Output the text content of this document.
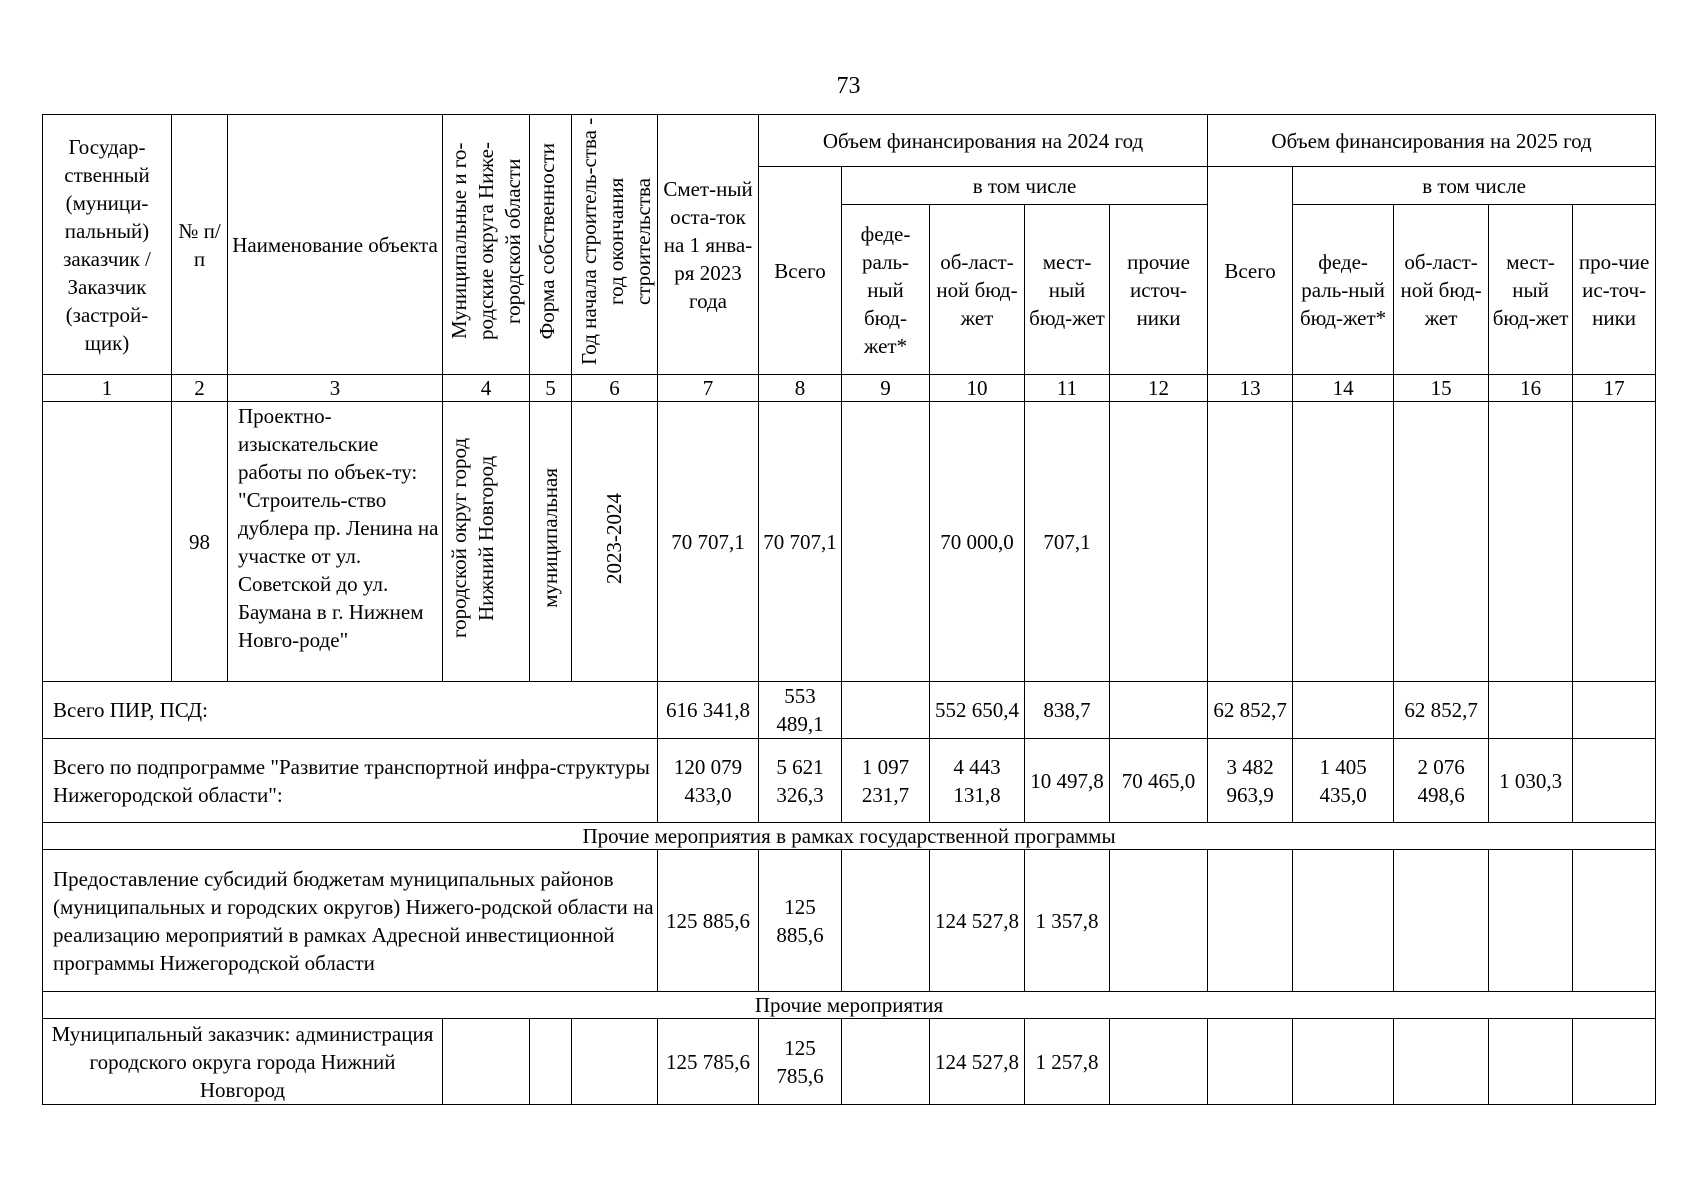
73
Государ-ственный (муници-пальный) заказчик / Заказчик (застрой-щик)	№ п/п	Наименование объекта	Муниципальные и го-родские округа Ниже-городской области	Форма собственности	Год начала строитель-ства - год окончания строительства	Смет-ный оста-ток на 1 янва-ря 2023 года	Объем финансирования на 2024 год					Объем финансирования на 2025 год				
							Всего	в том числе				Всего	в том числе			
								феде-раль-ный бюд-жет*	об-ласт-ной бюд-жет	мест-ный бюд-жет	прочие источ-ники		феде-раль-ный бюд-жет*	об-ласт-ной бюд-жет	мест-ный бюд-жет	про-чие ис-точ-ники
1	2	3	4	5	6	7	8	9	10	11	12	13	14	15	16	17
	98	Проектно-изыскательские работы по объек-ту: "Строитель-ство дублера пр. Ленина на участке от ул. Советской до ул. Баумана в г. Нижнем Новго-роде"	городской округ город Нижний Новгород	муниципальная	2023-2024	70 707,1	70 707,1		70 000,0	707,1						
Всего ПИР, ПСД:						616 341,8	553 489,1		552 650,4	838,7		62 852,7		62 852,7		
Всего по подпрограмме "Развитие транспортной инфра-структуры Нижегородской области":						120 079 433,0	5 621 326,3	1 097 231,7	4 443 131,8	10 497,8	70 465,0	3 482 963,9	1 405 435,0	2 076 498,6	1 030,3	
Прочие мероприятия в рамках государственной программы																
Предоставление субсидий бюджетам муниципальных районов (муниципальных и городских округов) Нижего-родской области на реализацию мероприятий в рамках Адресной инвестиционной программы Нижегородской области						125 885,6	125 885,6		124 527,8	1 357,8						
Прочие мероприятия																
Муниципальный заказчик: администрация городского округа города Нижний Новгород						125 785,6	125 785,6		124 527,8	1 257,8						
